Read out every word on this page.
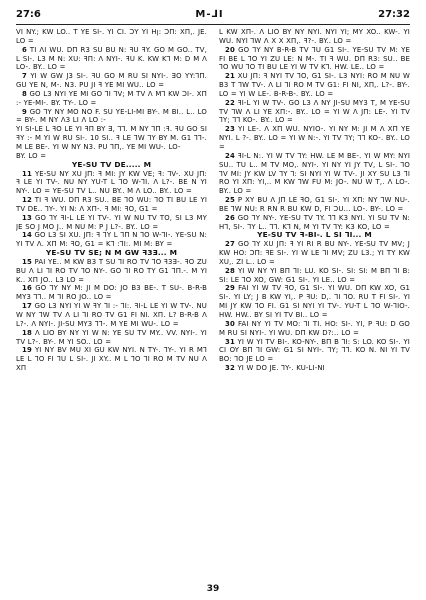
27:6	M-⅃I	27:32

VI NY.; KW LO.. T YE SI-. YI CI. ƆY YI Hꞁ: ƆΠ: XΠ,. JE. LO =

6 TI ɅI WU. DП R3 SU BU N: ꟻU ꟻY. GO M GO.. TV, L SI-. L3 M N: XU: ꟻП: Ʌ NYI-. ꟻU K. KW KꞀ M: D M Ʌ LO-. BY.. LO =

7 YI W GW J3 SI-. ꟻU GO M RU SI NYI-. ƎO YY:ꞀП. GU YE N, M-. N3. PU JI ꟻ YE MI WU.. LO =

8 GO L3 NYI YE MI GO ꞀI ꞀV; M TV Ʌ MꞀ KW ƆI-. XΠ :- YE-MI-. BY. TY-. LO =

9 GO ꞀY NY MO NO F. SU YE-LI-MI BY-. M BI.. L.. LO = BY-. M NY Ʌ3 LI Ʌ LO :-

YI SI-LE L ꟻO LE YI ꟻП BY Ǝ, ꞀꞀ. M NY ꞀП :ꟻ. ꟻU GO SI ꟻY :- M YI W RU SI-. 10 SI.. ꟻ LE ꞀW ꞀY BY M. G1 ꞀꞀ-. M LE BE-. YI W NY N3. PU ꞀП,. YE MI WU-. LO-

BY. LO =

YE-SU TV DE..... M

11 YE-SU NY XU JΠ: ꟻ MI: JY KW VE; ꟻ: ꞀV-. XU JΠ: ꟻ LE YI TV-. NU NY YU-T L ꞀO W-ꞀI. Ʌ L?-. BE N YI NY-. LO = YE-SU TV L.. NU BY.. M Ʌ LO.. BY.. LO =

12 TI ꟻ WU. DΠ R3 SU.. BE ꞀO WU: ꞀO TI BU LE YI TV DE.. ꞀY-. YI N: Ʌ XΠ-. ꟻ MI: ꟻO, G1 =

13 GO ꞀY ꟻI-L LE YI TV-. YI W NU TV TO, SI L3 MY JE SO J MO J.. M NU M: P J L?-. BY.. LO =

14 GO L3 SI XU. JΠ: ꟻ ꞀY L ꞀП N ꞀO W-ꞀI-. YE-SU N: YI TV Ʌ. XΠ M: ꟻO, G1 = KꞀ :ꞀI:. MI M: BY =

YE-SU TV SE; N M GW ꟻ3Ǝ... M

15 PAI YE.. M KW B3 T SU ꞀI RO TV ꞀO ꟻ3Ǝ-. ꟻO ZU BU Ʌ LI ꞀI RO TV ꞀO NY-. GO ꞀI RO TY G1 ꞀП.-. M YI K.. XΠ JO.. L3 LO =

16 GO ꞀY NY M: JI M DO: JO B3 BE-. T SU-. B-R-B MY3 ꞀꞀ.. M ꞀI RO JO.. LO =

17 GO L3 NYI YI W ꟻY ꞀI :- ꞀI:. ꟻI-L LE YI W TV-. NU W NY ꞀW TV Ʌ LI ꞀI RO TV G1 FI NI. XΠ. L? B-R-B Ʌ L?-. Ʌ NYI-. JI-SU MY3 ꞀꞀ-. M YE MI WU-. LO =

18 Ʌ LIO BY NY YI W N: YE SU TV MY.. VV. NYI-. YI TV L?-. BY-. M YI SO.. LO =

19 YI NY BV MU XI GU KW NYI. N TY-. ꞀY-. YI R MꞀ LE L ꞀO FI ꞀU L SI-. JI XY.. M L ꞀO ꞀI RO M TV NU Ʌ XΠ

L KW XΠ-. Ʌ LIO BY NY NYI. NYI YI; MY XO.. KW-. YI WU. NYI ꞀW Ʌ X X XΠ,. ꟻ?-. BY.. LO =

20 GO ꞀY NY B-R-B TV ꞀU G1 SI-. YE-SU TV M: YE FI BE L ꞀO YI ZU LE: N M-. TI ꟻ WU. DΠ R3: SU.. BE ꞀO WU ꞀO TI BU LE YI W TV KꞀ. HW. LE.. LO =

21 XU JΠ: ꟻ NYI TV ꞀO, G1 SI-. L3 NYI: RO M NU W B3 T ꞀW TV-. Ʌ LI ꞀI RO M TV G1: FI NI, XΠ,. L?-. BY-. LO = YI W LE-. B-R-B-. BY.. LO =

22 ꟻI-L YI W TV-. GO L3 Ʌ NY JI-SU MY3 T, M YE-SU TV ꞀW Ʌ LI YE XΠ:-. BY.. LO = YI W Ʌ JΠ: LE-. YI TV ꞀY; ꞀꞀ KO-. BY.. LO =

23 YI LE-. Ʌ XΠ WU. NYIO-. YI NY M: JI M Ʌ XΠ YE NYI. L ?-. BY.. LO = YI W N:-. YI TV ꞀY; ꞀꞀ KO-. BY.. LO =

24 ꟻI-L N:. YI W TV ꞀY: HW. LE M BE-. YI W MY: NYI SU.. TU L.. M TV MO,. NYI-. YI NY YI JY TV, L SI-. ꞀO ꞀV MI: JY KW LV ꞀY Ꞁ: SI NYI YI W TV-. JI XY SU L3 ꞀI RO YI XΠ: YI,.. M KW ꞀW FU M: JO-. NU W T,. Ʌ LO-. BY.. LO =

25 P XY BU Ʌ JΠ LE ꟻO, G1 SI-. YI XΠ: NY ꞀW NU-. BE ꞀW NU: R RN R BU KW D, FI ƆU... LO-. BY-. LO =

26 GO ꞀY NY-. YE-SU TV ꞀY. ꞀꞀ K3 NYI. YI SU TV N: HꞀ, SI-. ꞀY L.. ꞀꞀ. KꞀ N, M YI TV ꞀY: K3 KO, LO =

YE-SU TV ꟻ-BI-. L SI ꞀI... M

27 GO ꞀY XU JΠ: ꟻ YI RI R BU NY-. YE-SU TV MV; J KW HO: ƆΠ: ꟻE SI-. YI W LE ꞀI MV; ZU L3.; YI TY KW XU,. ZI L.. LO =

28 YI W NY YI BΠ ꞀI: LU. KO SI-. SI: SI: M BΠ ꞀI B: SI: LE ꞀO XO, GW: G1 SI-. YI LE.. LO =

29 FAI YI W TV ꟻO, G1 SI-. YI WU. DΠ KW XO, G1 SI-. YI LY; J B KW YI,. P ꟻU: D,. ꞀI ꞀO. RU T FI SI-. YI MI JY KW ꞀO FI. G1 SI NYI YI TV-. YU-T L ꞀO W-ꞀIO-. HW. HW.. BY SI YI TV BI.. LO =

30 FAI NY YI TV MO: ꞀI TI. HO: SI-. YI, P ꟻU: D GO M RU SI NYI-. YI WU. DΠ KW D?:.. LO =

31 YI W YI TV BI-. KO-NY-. BΠ B ꞀI: S: LO. KO SI-. YI CI OY BΠ ꞀI GW: G1 SI NYI-. ꞀY; ꞀꞀ. KO N. NI YI TV BO: ꞀO JE LO =

32 YI W DO JE. ꞀY-. KU-LI-NI

39
